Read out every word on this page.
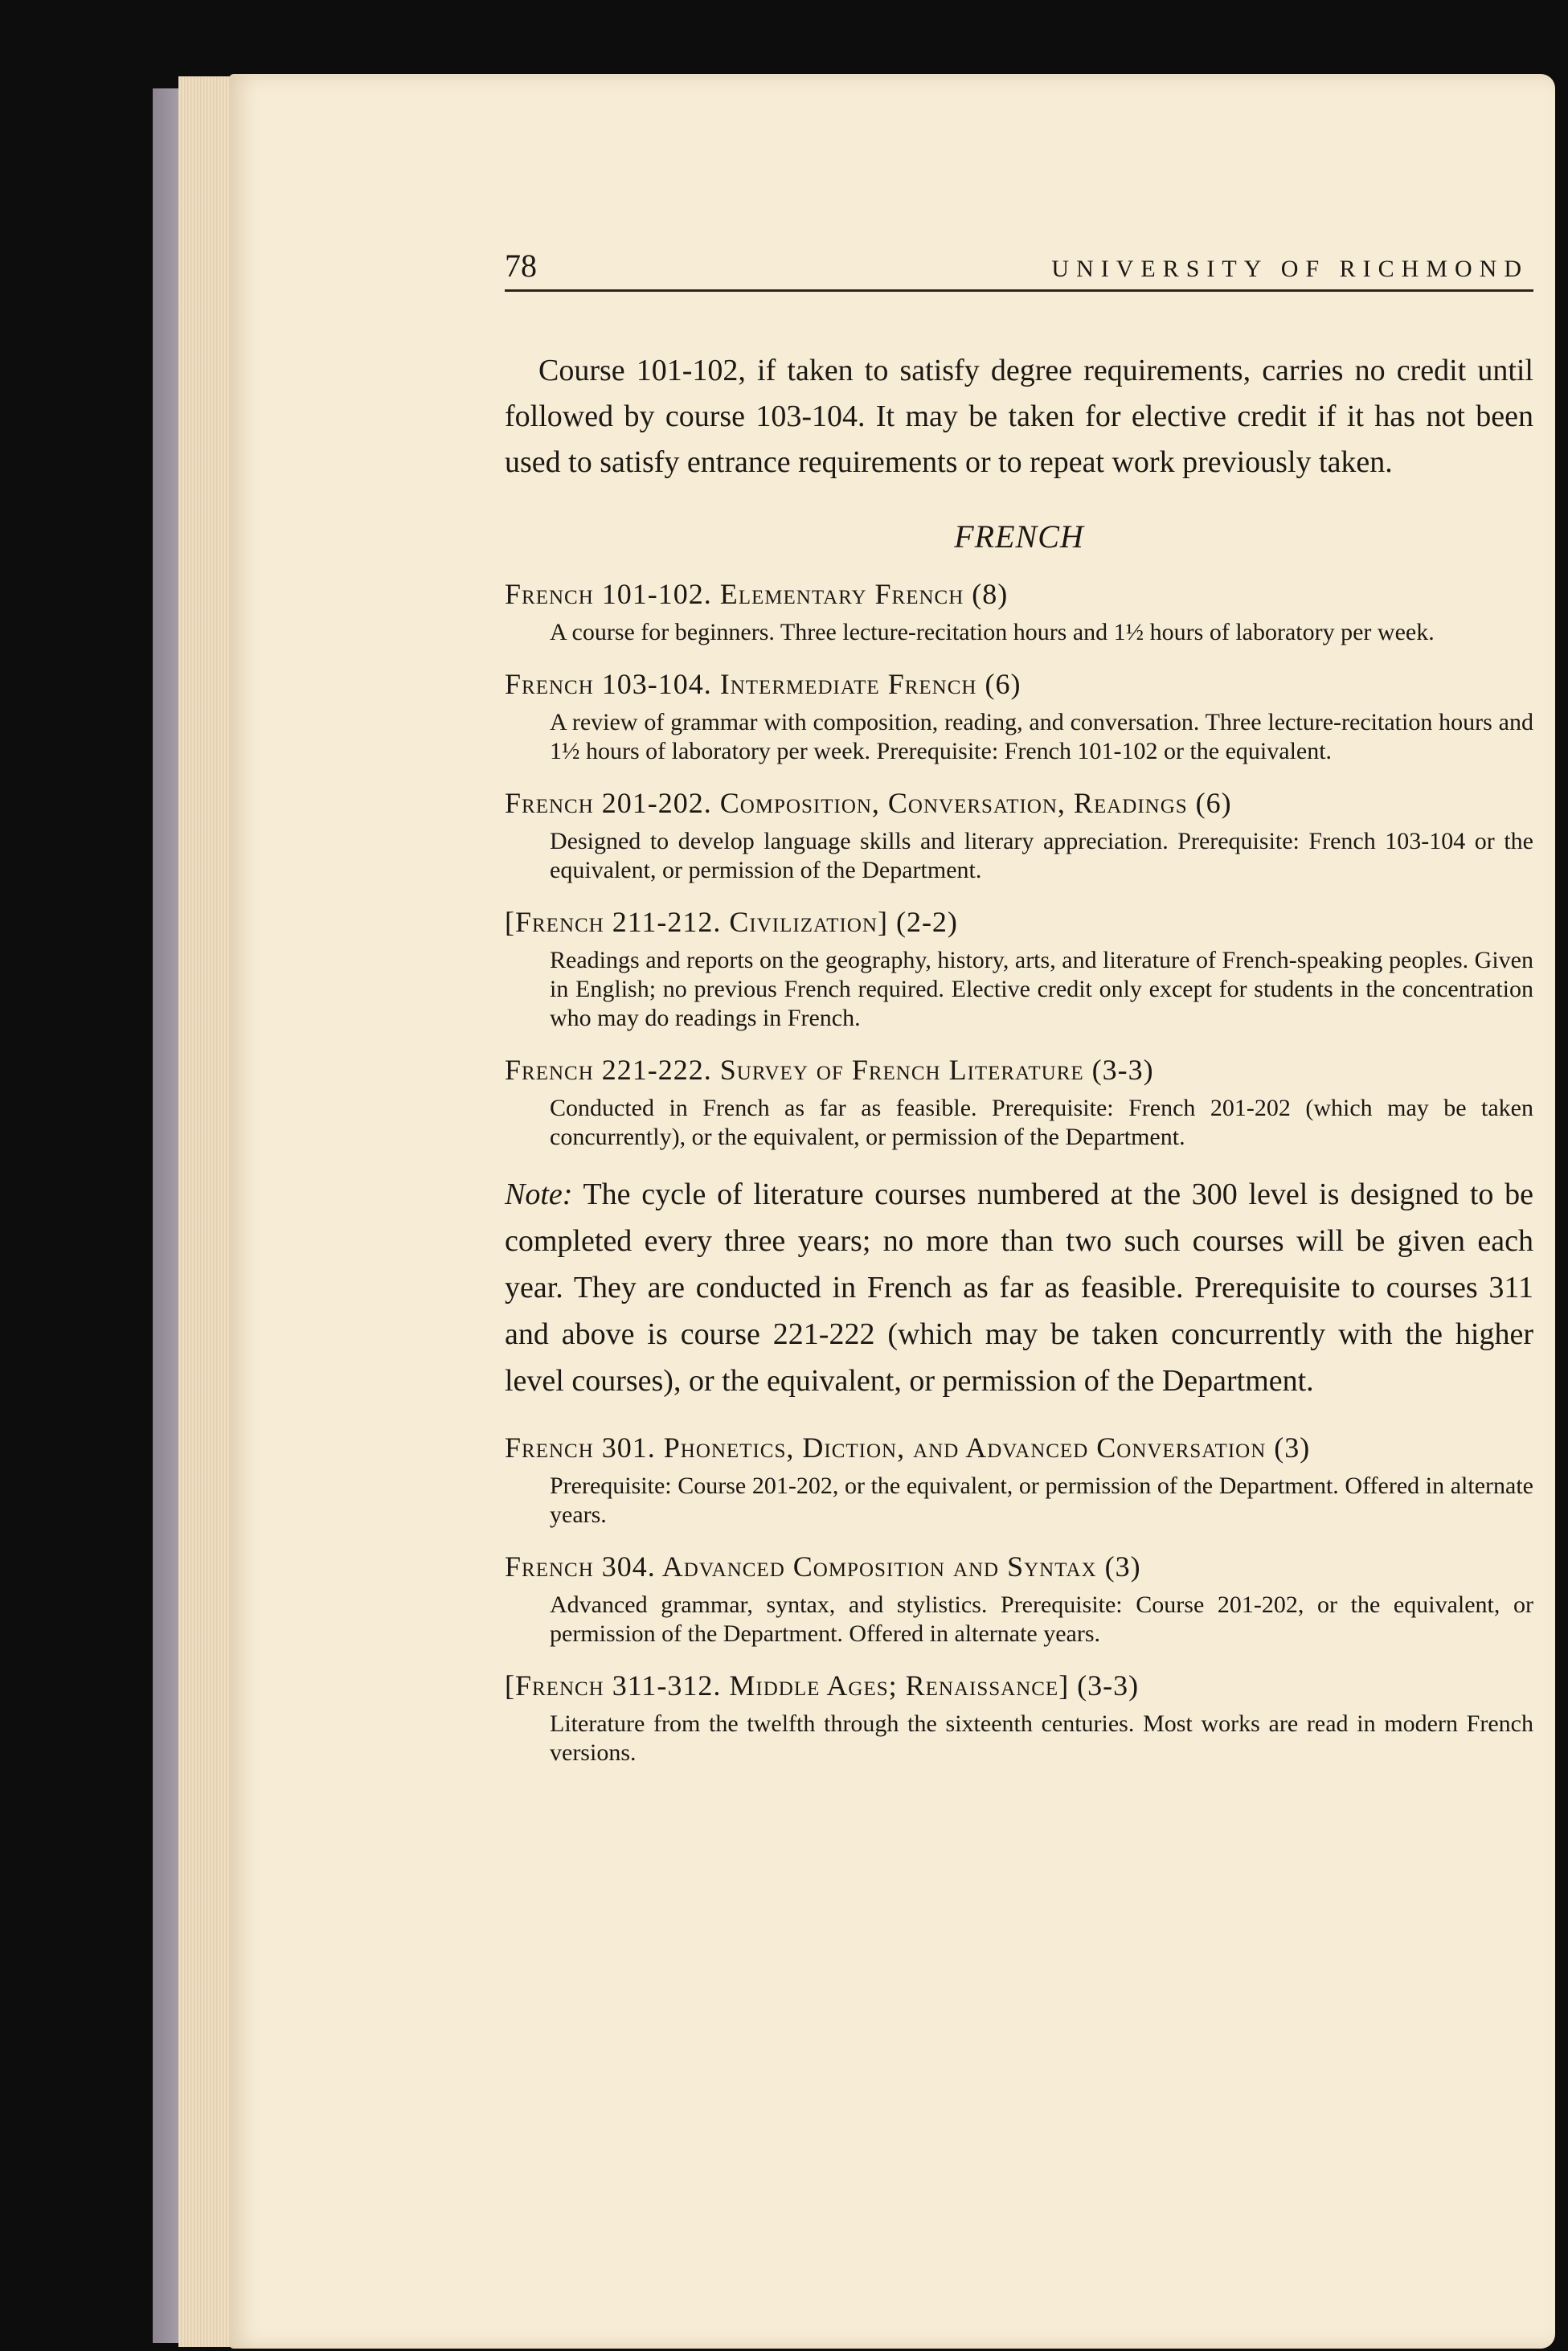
78	UNIVERSITY OF RICHMOND

Course 101-102, if taken to satisfy degree requirements, carries no credit until followed by course 103-104. It may be taken for elective credit if it has not been used to satisfy entrance requirements or to repeat work previously taken.

FRENCH
French 101-102. Elementary French (8)
A course for beginners. Three lecture-recitation hours and 1½ hours of laboratory per week.
French 103-104. Intermediate French (6)
A review of grammar with composition, reading, and conversation. Three lecture-recitation hours and 1½ hours of laboratory per week. Prerequisite: French 101-102 or the equivalent.
French 201-202. Composition, Conversation, Readings (6)
Designed to develop language skills and literary appreciation. Prerequisite: French 103-104 or the equivalent, or permission of the Department.
[French 211-212. Civilization] (2-2)
Readings and reports on the geography, history, arts, and literature of French-speaking peoples. Given in English; no previous French required. Elective credit only except for students in the concentration who may do readings in French.
French 221-222. Survey of French Literature (3-3)
Conducted in French as far as feasible. Prerequisite: French 201-202 (which may be taken concurrently), or the equivalent, or permission of the Department.

Note: The cycle of literature courses numbered at the 300 level is designed to be completed every three years; no more than two such courses will be given each year. They are conducted in French as far as feasible. Prerequisite to courses 311 and above is course 221-222 (which may be taken concurrently with the higher level courses), or the equivalent, or permission of the Department.

French 301. Phonetics, Diction, and Advanced Conversation (3)
Prerequisite: Course 201-202, or the equivalent, or permission of the Department. Offered in alternate years.
French 304. Advanced Composition and Syntax (3)
Advanced grammar, syntax, and stylistics. Prerequisite: Course 201-202, or the equivalent, or permission of the Department. Offered in alternate years.
[French 311-312. Middle Ages; Renaissance] (3-3)
Literature from the twelfth through the sixteenth centuries. Most works are read in modern French versions.
